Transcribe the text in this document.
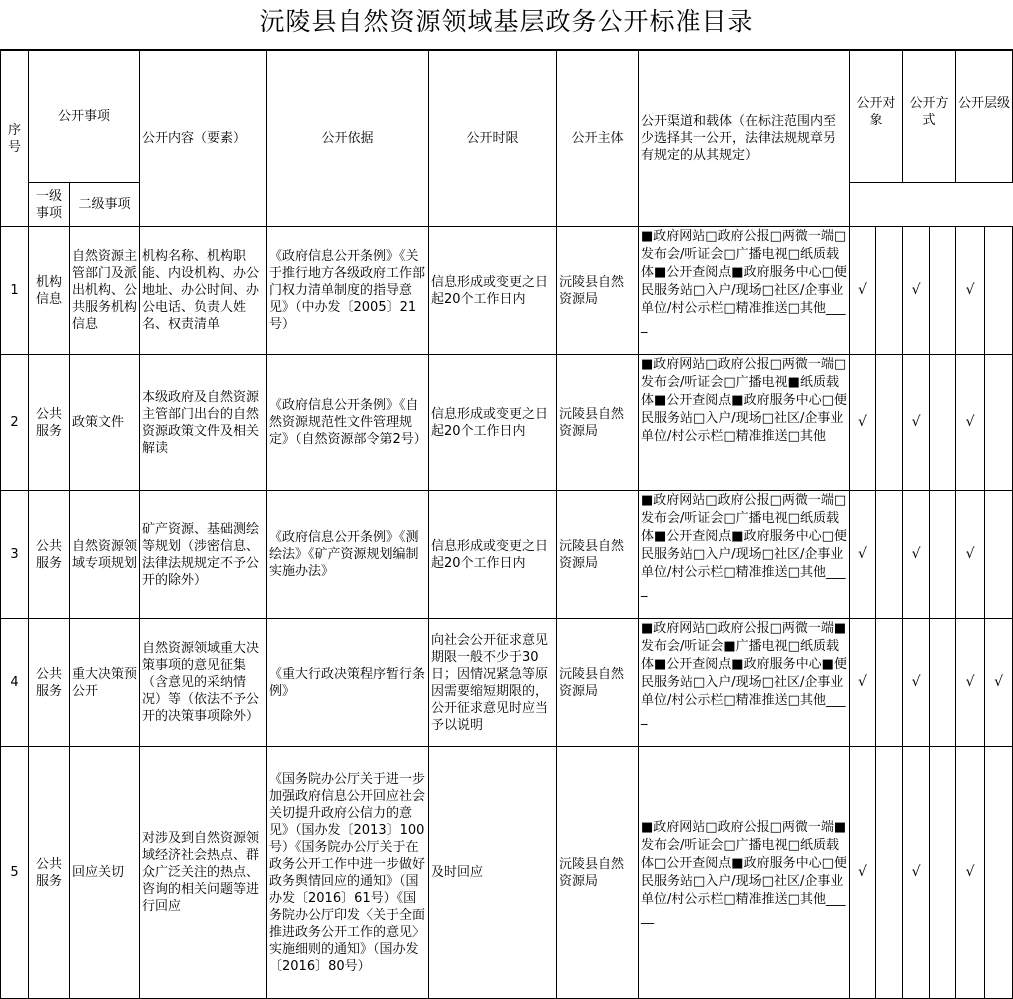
沅陵县自然资源领域基层政务公开标准目录
序号	公开事项		公开内容（要素）	公开依据	公开时限	公开主体	公开渠道和载体（在标注范围内至少选择其一公开，法律法规规章另有规定的从其规定）	公开对象		公开方式		公开层级	
	一级事项	二级事项											
1	机构信息	自然资源主管部门及派出机构、公共服务机构信息	机构名称、机构职能、内设机构、办公地址、办公时间、办公电话、负责人姓名、权责清单	《政府信息公开条例》《关于推行地方各级政府工作部门权力清单制度的指导意见》（中办发〔2005〕21号）	信息形成或变更之日起20个工作日内	沅陵县自然资源局	■政府网站□政府公报□两微一端□发布会/听证会□广播电视□纸质载体■公开查阅点■政府服务中心□便民服务站□入户/现场□社区/企事业单位/村公示栏□精准推送□其他____	√		√		√	
2	公共服务	政策文件	本级政府及自然资源主管部门出台的自然资源政策文件及相关解读	《政府信息公开条例》《自然资源规范性文件管理规定》（自然资源部令第2号）	信息形成或变更之日起20个工作日内	沅陵县自然资源局	■政府网站□政府公报□两微一端□发布会/听证会□广播电视■纸质载体■公开查阅点■政府服务中心□便民服务站□入户/现场□社区/企事业单位/村公示栏□精准推送□其他	√		√		√	
3	公共服务	自然资源领域专项规划	矿产资源、基础测绘等规划（涉密信息、法律法规规定不予公开的除外）	《政府信息公开条例》《测绘法》《矿产资源规划编制实施办法》	信息形成或变更之日起20个工作日内	沅陵县自然资源局	■政府网站□政府公报□两微一端□发布会/听证会□广播电视□纸质载体■公开查阅点■政府服务中心□便民服务站□入户/现场□社区/企事业单位/村公示栏□精准推送□其他____	√		√		√	
4	公共服务	重大决策预公开	自然资源领域重大决策事项的意见征集（含意见的采纳情况）等（依法不予公开的决策事项除外）	《重大行政决策程序暂行条例》	向社会公开征求意见期限一般不少于30日；因情况紧急等原因需要缩短期限的，公开征求意见时应当予以说明	沅陵县自然资源局	■政府网站□政府公报□两微一端■发布会/听证会■广播电视□纸质载体■公开查阅点■政府服务中心■便民服务站□入户/现场□社区/企事业单位/村公示栏□精准推送□其他____	√		√		√	√
5	公共服务	回应关切	对涉及到自然资源领域经济社会热点、群众广泛关注的热点、咨询的相关问题等进行回应	《国务院办公厅关于进一步加强政府信息公开回应社会关切提升政府公信力的意见》（国办发〔2013〕100号）《国务院办公厅关于在政务公开工作中进一步做好政务舆情回应的通知》（国办发〔2016〕61号）《国务院办公厅印发〈关于全面推进政务公开工作的意见〉实施细则的通知》（国办发〔2016〕80号）	及时回应	沅陵县自然资源局	■政府网站□政府公报□两微一端■发布会/听证会□广播电视□纸质载体□公开查阅点■政府服务中心□便民服务站□入户/现场□社区/企事业单位/村公示栏□精准推送□其他_____	√		√		√	
